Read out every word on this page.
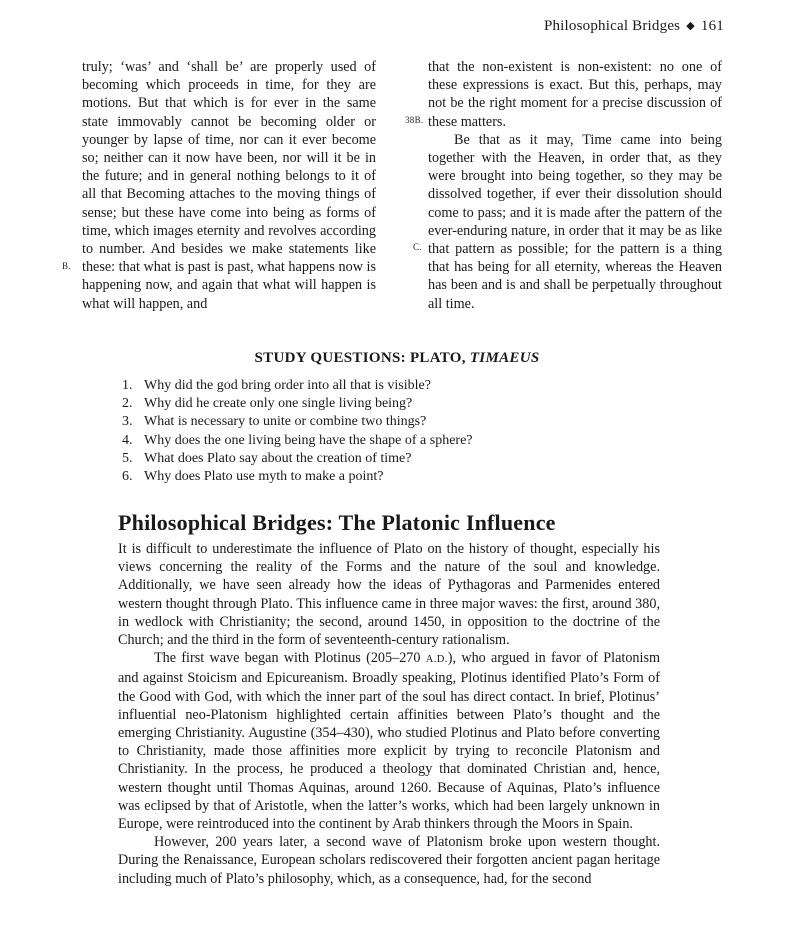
Philosophical Bridges ◆ 161

truly; ‘was’ and ‘shall be’ are properly used of becoming which proceeds in time, for they are motions. But that which is for ever in the same state immovably cannot be becoming older or younger by lapse of time, nor can it ever become so; neither can it now have been, nor will it be in the future; and in general nothing belongs to it of all that Becoming attaches to the moving things of sense; but these have come into being as forms of time, which images eternity and revolves according to number. And besides we make statements like these: that what is past is past, what happens now is happening now, and again that what will happen is what will happen, and

B.

that the non-existent is non-existent: no one of these expressions is exact. But this, perhaps, may not be the right moment for a precise discussion of these matters.

Be that as it may, Time came into being together with the Heaven, in order that, as they were brought into being together, so they may be dissolved together, if ever their dissolution should come to pass; and it is made after the pattern of the ever-enduring nature, in order that it may be as like that pattern as possible; for the pattern is a thing that has being for all eternity, whereas the Heaven has been and is and shall be perpetually throughout all time.

38B.
C.
STUDY QUESTIONS: PLATO, TIMAEUS
1. Why did the god bring order into all that is visible?
2. Why did he create only one single living being?
3. What is necessary to unite or combine two things?
4. Why does the one living being have the shape of a sphere?
5. What does Plato say about the creation of time?
6. Why does Plato use myth to make a point?
Philosophical Bridges: The Platonic Influence

It is difficult to underestimate the influence of Plato on the history of thought, especially his views concerning the reality of the Forms and the nature of the soul and knowledge. Additionally, we have seen already how the ideas of Pythagoras and Parmenides entered western thought through Plato. This influence came in three major waves: the first, around 380, in wedlock with Christianity; the second, around 1450, in opposition to the doctrine of the Church; and the third in the form of seventeenth-century rationalism.

The first wave began with Plotinus (205–270 A.D.), who argued in favor of Platonism and against Stoicism and Epicureanism. Broadly speaking, Plotinus identified Plato’s Form of the Good with God, with which the inner part of the soul has direct contact. In brief, Plotinus’ influential neo-Platonism highlighted certain affinities between Plato’s thought and the emerging Christianity. Augustine (354–430), who studied Plotinus and Plato before converting to Christianity, made those affinities more explicit by trying to reconcile Platonism and Christianity. In the process, he produced a theology that dominated Christian and, hence, western thought until Thomas Aquinas, around 1260. Because of Aquinas, Plato’s influence was eclipsed by that of Aristotle, when the latter’s works, which had been largely unknown in Europe, were reintroduced into the continent by Arab thinkers through the Moors in Spain.

However, 200 years later, a second wave of Platonism broke upon western thought. During the Renaissance, European scholars rediscovered their forgotten ancient pagan heritage including much of Plato’s philosophy, which, as a consequence, had, for the second
